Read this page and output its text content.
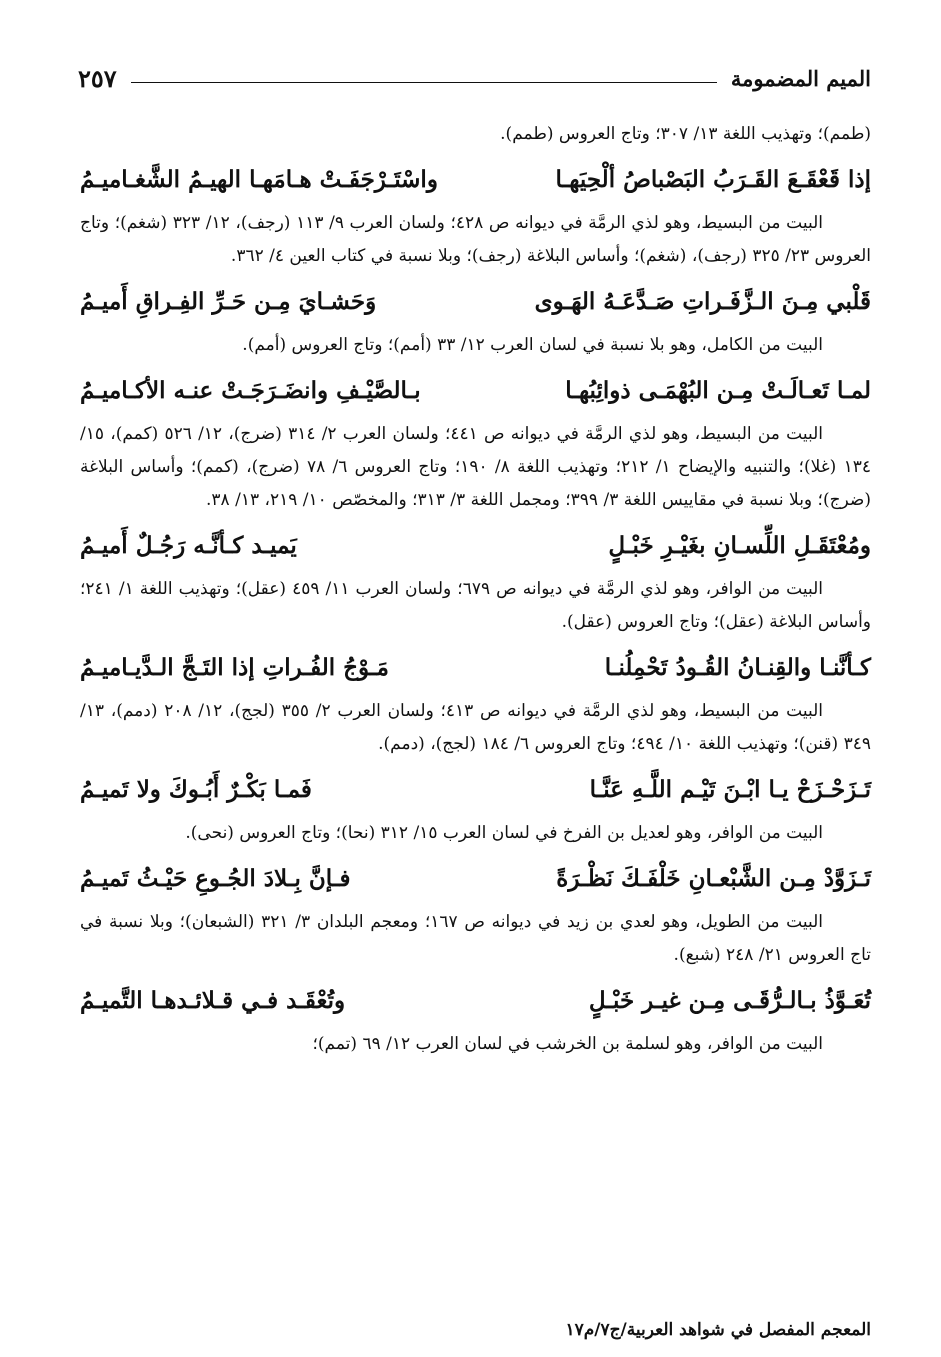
الميم المضمومة
٢٥٧

(طمم)؛ وتهذيب اللغة ١٣/ ٣٠٧؛ وتاج العروس (طمم).

إذا قَعْقَـعَ القَـرَبُ البَصْباصُ ألْحِيَهـا
واسْتَـرْجَفَـتْ هـامَهـا الهيـمُ الشَّغـاميـمُ

البيت من البسيط، وهو لذي الرمَّة في ديوانه ص ٤٢٨؛ ولسان العرب ٩/ ١١٣ (رجف)، ١٢/ ٣٢٣ (شغم)؛ وتاج العروس ٢٣/ ٣٢٥ (رجف)، (شغم)؛ وأساس البلاغة (رجف)؛ وبلا نسبة في كتاب العين ٤/ ٣٦٢.

قَلْبي مِـنَ الـزَّفَـراتِ صَـدَّعَـهُ الهَـوى
وَحَشـايَ مِـن حَـرِّ الفِـراقِ أَميـمُ

البيت من الكامل، وهو بلا نسبة في لسان العرب ١٢/ ٣٣ (أمم)؛ وتاج العروس (أمم).

لمـا تَعـالَـتْ مِـن البُهْمَـى ذوائِبُهـا
بـالصَّيْـفِ وانضَـرَجَـتْ عنـه الأكـاميـمُ

البيت من البسيط، وهو لذي الرمَّة في ديوانه ص ٤٤١؛ ولسان العرب ٢/ ٣١٤ (ضرج)، ١٢/ ٥٢٦ (كمم)، ١٥/ ١٣٤ (غلا)؛ والتنبيه والإيضاح ١/ ٢١٢؛ وتهذيب اللغة ٨/ ١٩٠؛ وتاج العروس ٦/ ٧٨ (ضرج)، (كمم)؛ وأساس البلاغة (ضرج)؛ وبلا نسبة في مقاييس اللغة ٣/ ٣٩٩؛ ومجمل اللغة ٣/ ٣١٣؛ والمخصّص ١٠/ ٢١٩، ١٣/ ٣٨.

ومُعْتَقَـلِ اللِّسـانِ بغَيْـرِ خَبْـلٍ
يَميـد كـأنَّـه رَجُـلٌ أَميـمُ

البيت من الوافر، وهو لذي الرمَّة في ديوانه ص ٦٧٩؛ ولسان العرب ١١/ ٤٥٩ (عقل)؛ وتهذيب اللغة ١/ ٢٤١؛ وأساس البلاغة (عقل)؛ وتاج العروس (عقل).

كـأنَّنـا والقِنـانُ القُـودُ تَحْمِلُنـا
مَـوْجُ الفُـراتِ إذا التَـجَّ الـدَّيـاميـمُ

البيت من البسيط، وهو لذي الرمَّة في ديوانه ص ٤١٣؛ ولسان العرب ٢/ ٣٥٥ (لجج)، ١٢/ ٢٠٨ (دمم)، ١٣/ ٣٤٩ (قنن)؛ وتهذيب اللغة ١٠/ ٤٩٤؛ وتاج العروس ٦/ ١٨٤ (لجج)، (دمم).

تَـزَحْـزَحْ يـا ابْـنَ تَيْـم اللَّـهِ عَنَّـا
فَمـا بَكْـرٌ أَبُـوكَ ولا تَميـمُ

البيت من الوافر، وهو لعديل بن الفرخ في لسان العرب ١٥/ ٣١٢ (نحا)؛ وتاج العروس (نحى).

تَـزَوَّدْ مِـن الشَّبْعـانِ خَلْفَـكَ نَظْـرَةً
فـإنَّ بِـلادَ الجُـوعِ حَيْـثُ تَميـمُ

البيت من الطويل، وهو لعدي بن زيد في ديوانه ص ١٦٧؛ ومعجم البلدان ٣/ ٣٢١ (الشبعان)؛ وبلا نسبة في تاج العروس ٢١/ ٢٤٨ (شبع).

تُعَـوَّذُ بـالـرُّقَـى مِـن غيـر خَبْـلٍ
وتُعْقَـد فـي قـلائـدهـا التَّميـمُ

البيت من الوافر، وهو لسلمة بن الخرشب في لسان العرب ١٢/ ٦٩ (تمم)؛

المعجم المفصل في شواهد العربية/ج٧/م١٧
